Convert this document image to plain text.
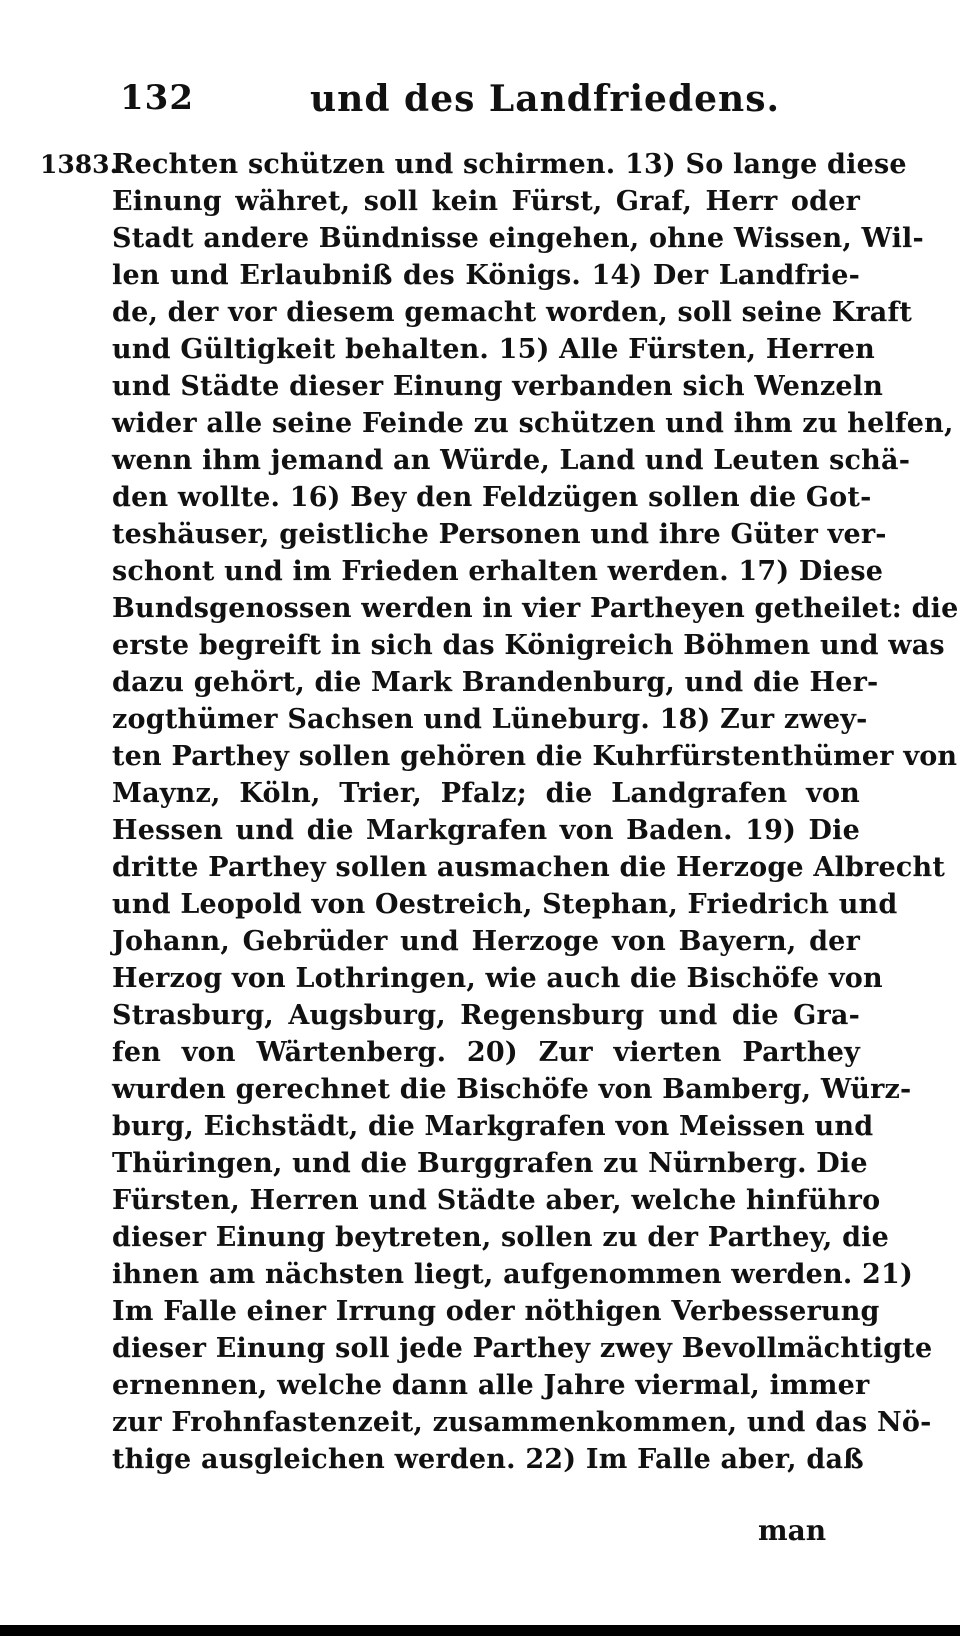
132	und des Landfriedens.
1383.
Rechten schützen und schirmen. 13) So lange diese
Einung währet, soll kein Fürst, Graf, Herr oder
Stadt andere Bündnisse eingehen, ohne Wissen, Wil-
len und Erlaubniß des Königs. 14) Der Landfrie-
de, der vor diesem gemacht worden, soll seine Kraft
und Gültigkeit behalten. 15) Alle Fürsten, Herren
und Städte dieser Einung verbanden sich Wenzeln
wider alle seine Feinde zu schützen und ihm zu helfen,
wenn ihm jemand an Würde, Land und Leuten schä-
den wollte. 16) Bey den Feldzügen sollen die Got-
teshäuser, geistliche Personen und ihre Güter ver-
schont und im Frieden erhalten werden. 17) Diese
Bundsgenossen werden in vier Partheyen getheilet: die
erste begreift in sich das Königreich Böhmen und was
dazu gehört, die Mark Brandenburg, und die Her-
zogthümer Sachsen und Lüneburg. 18) Zur zwey-
ten Parthey sollen gehören die Kuhrfürstenthümer von
Maynz, Köln, Trier, Pfalz; die Landgrafen von
Hessen und die Markgrafen von Baden. 19) Die
dritte Parthey sollen ausmachen die Herzoge Albrecht
und Leopold von Oestreich, Stephan, Friedrich und
Johann, Gebrüder und Herzoge von Bayern, der
Herzog von Lothringen, wie auch die Bischöfe von
Strasburg, Augsburg, Regensburg und die Gra-
fen von Wärtenberg. 20) Zur vierten Parthey
wurden gerechnet die Bischöfe von Bamberg, Würz-
burg, Eichstädt, die Markgrafen von Meissen und
Thüringen, und die Burggrafen zu Nürnberg. Die
Fürsten, Herren und Städte aber, welche hinführo
dieser Einung beytreten, sollen zu der Parthey, die
ihnen am nächsten liegt, aufgenommen werden. 21)
Im Falle einer Irrung oder nöthigen Verbesserung
dieser Einung soll jede Parthey zwey Bevollmächtigte
ernennen, welche dann alle Jahre viermal, immer
zur Frohnfastenzeit, zusammenkommen, und das Nö-
thige ausgleichen werden. 22) Im Falle aber, daß
man
